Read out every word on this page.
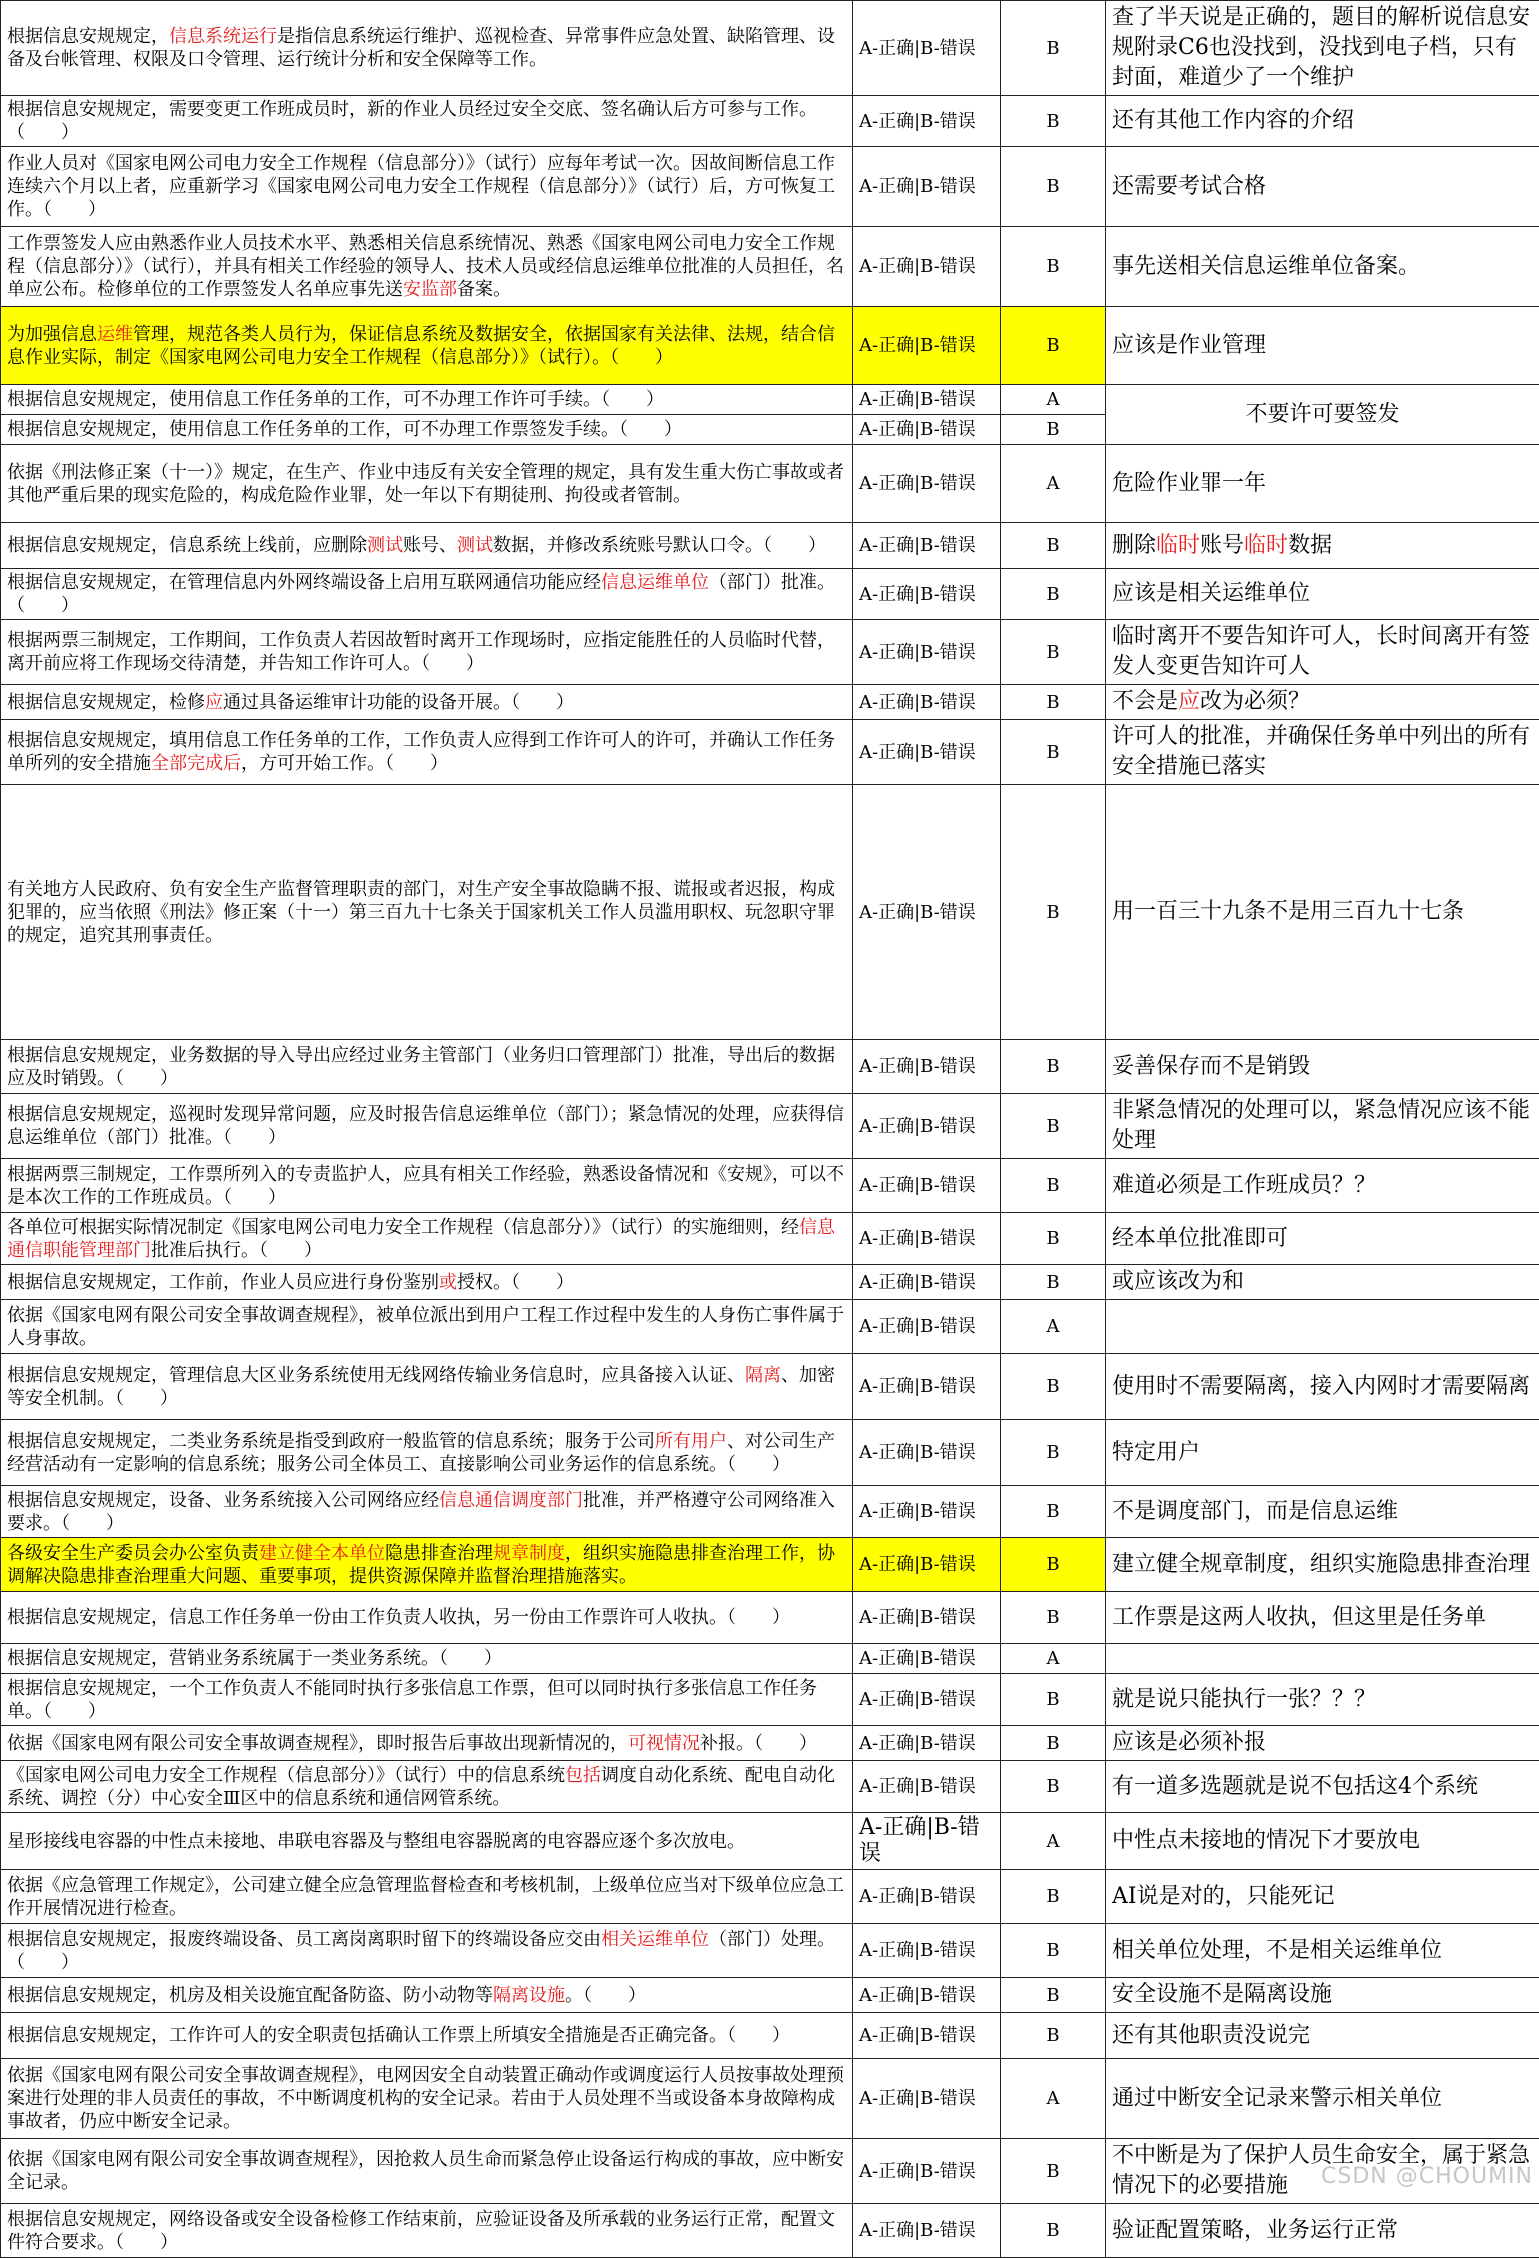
根据信息安规规定，信息系统运行是指信息系统运行维护、巡视检查、异常事件应急处置、缺陷管理、设备及台帐管理、权限及口令管理、运行统计分析和安全保障等工作。	A-正确|B-错误	B	查了半天说是正确的，题目的解析说信息安规附录C6也没找到，没找到电子档，只有封面，难道少了一个维护
根据信息安规规定，需要变更工作班成员时，新的作业人员经过安全交底、签名确认后方可参与工作。（　　）	A-正确|B-错误	B	还有其他工作内容的介绍
作业人员对《国家电网公司电力安全工作规程（信息部分）》（试行）应每年考试一次。因故间断信息工作连续六个月以上者，应重新学习《国家电网公司电力安全工作规程（信息部分）》（试行）后，方可恢复工作。（　　）	A-正确|B-错误	B	还需要考试合格
工作票签发人应由熟悉作业人员技术水平、熟悉相关信息系统情况、熟悉《国家电网公司电力安全工作规程（信息部分）》（试行），并具有相关工作经验的领导人、技术人员或经信息运维单位批准的人员担任，名单应公布。检修单位的工作票签发人名单应事先送安监部备案。	A-正确|B-错误	B	事先送相关信息运维单位备案。
为加强信息运维管理，规范各类人员行为，保证信息系统及数据安全，依据国家有关法律、法规，结合信息作业实际，制定《国家电网公司电力安全工作规程（信息部分）》（试行）。（　　）	A-正确|B-错误	B	应该是作业管理
根据信息安规规定，使用信息工作任务单的工作，可不办理工作许可手续。（　　）	A-正确|B-错误	A	不要许可要签发
根据信息安规规定，使用信息工作任务单的工作，可不办理工作票签发手续。（　　）	A-正确|B-错误	B	
依据《刑法修正案（十一）》规定，在生产、作业中违反有关安全管理的规定，具有发生重大伤亡事故或者其他严重后果的现实危险的，构成危险作业罪，处一年以下有期徒刑、拘役或者管制。	A-正确|B-错误	A	危险作业罪一年
根据信息安规规定，信息系统上线前，应删除测试账号、测试数据，并修改系统账号默认口令。（　　）	A-正确|B-错误	B	删除临时账号临时数据
根据信息安规规定，在管理信息内外网终端设备上启用互联网通信功能应经信息运维单位（部门）批准。（　　）	A-正确|B-错误	B	应该是相关运维单位
根据两票三制规定，工作期间，工作负责人若因故暂时离开工作现场时，应指定能胜任的人员临时代替，离开前应将工作现场交待清楚，并告知工作许可人。（　　）	A-正确|B-错误	B	临时离开不要告知许可人，长时间离开有签发人变更告知许可人
根据信息安规规定，检修应通过具备运维审计功能的设备开展。（　　）	A-正确|B-错误	B	不会是应改为必须？
根据信息安规规定，填用信息工作任务单的工作，工作负责人应得到工作许可人的许可，并确认工作任务单所列的安全措施全部完成后，方可开始工作。（　　）	A-正确|B-错误	B	许可人的批准，并确保任务单中列出的所有安全措施已落实
有关地方人民政府、负有安全生产监督管理职责的部门，对生产安全事故隐瞒不报、谎报或者迟报，构成犯罪的，应当依照《刑法》修正案（十一）第三百九十七条关于国家机关工作人员滥用职权、玩忽职守罪的规定，追究其刑事责任。	A-正确|B-错误	B	用一百三十九条不是用三百九十七条
根据信息安规规定，业务数据的导入导出应经过业务主管部门（业务归口管理部门）批准，导出后的数据应及时销毁。（　　）	A-正确|B-错误	B	妥善保存而不是销毁
根据信息安规规定，巡视时发现异常问题，应及时报告信息运维单位（部门）；紧急情况的处理，应获得信息运维单位（部门）批准。（　　）	A-正确|B-错误	B	非紧急情况的处理可以，紧急情况应该不能处理
根据两票三制规定，工作票所列入的专责监护人，应具有相关工作经验，熟悉设备情况和《安规》，可以不是本次工作的工作班成员。（　　）	A-正确|B-错误	B	难道必须是工作班成员？？
各单位可根据实际情况制定《国家电网公司电力安全工作规程（信息部分）》（试行）的实施细则，经信息通信职能管理部门批准后执行。（　　）	A-正确|B-错误	B	经本单位批准即可
根据信息安规规定，工作前，作业人员应进行身份鉴别或授权。（　　）	A-正确|B-错误	B	或应该改为和
依据《国家电网有限公司安全事故调查规程》，被单位派出到用户工程工作过程中发生的人身伤亡事件属于人身事故。	A-正确|B-错误	A	
根据信息安规规定，管理信息大区业务系统使用无线网络传输业务信息时，应具备接入认证、隔离、加密等安全机制。（　　）	A-正确|B-错误	B	使用时不需要隔离，接入内网时才需要隔离
根据信息安规规定，二类业务系统是指受到政府一般监管的信息系统；服务于公司所有用户、对公司生产经营活动有一定影响的信息系统；服务公司全体员工、直接影响公司业务运作的信息系统。（　　）	A-正确|B-错误	B	特定用户
根据信息安规规定，设备、业务系统接入公司网络应经信息通信调度部门批准，并严格遵守公司网络准入要求。（　　）	A-正确|B-错误	B	不是调度部门，而是信息运维
各级安全生产委员会办公室负责建立健全本单位隐患排查治理规章制度，组织实施隐患排查治理工作，协调解决隐患排查治理重大问题、重要事项，提供资源保障并监督治理措施落实。	A-正确|B-错误	B	建立健全规章制度，组织实施隐患排查治理
根据信息安规规定，信息工作任务单一份由工作负责人收执，另一份由工作票许可人收执。（　　）	A-正确|B-错误	B	工作票是这两人收执，但这里是任务单
根据信息安规规定，营销业务系统属于一类业务系统。（　　）	A-正确|B-错误	A	
根据信息安规规定，一个工作负责人不能同时执行多张信息工作票，但可以同时执行多张信息工作任务单。（　　）	A-正确|B-错误	B	就是说只能执行一张？？？
依据《国家电网有限公司安全事故调查规程》，即时报告后事故出现新情况的，可视情况补报。（　　）	A-正确|B-错误	B	应该是必须补报
《国家电网公司电力安全工作规程（信息部分）》（试行）中的信息系统包括调度自动化系统、配电自动化系统、调控（分）中心安全Ⅲ区中的信息系统和通信网管系统。	A-正确|B-错误	B	有一道多选题就是说不包括这4个系统
星形接线电容器的中性点未接地、串联电容器及与整组电容器脱离的电容器应逐个多次放电。	A-正确|B-错误	A	中性点未接地的情况下才要放电
依据《应急管理工作规定》，公司建立健全应急管理监督检查和考核机制，上级单位应当对下级单位应急工作开展情况进行检查。	A-正确|B-错误	B	AI说是对的，只能死记
根据信息安规规定，报废终端设备、员工离岗离职时留下的终端设备应交由相关运维单位（部门）处理。（　　）	A-正确|B-错误	B	相关单位处理，不是相关运维单位
根据信息安规规定，机房及相关设施宜配备防盗、防小动物等隔离设施。（　　）	A-正确|B-错误	B	安全设施不是隔离设施
根据信息安规规定，工作许可人的安全职责包括确认工作票上所填安全措施是否正确完备。（　　）	A-正确|B-错误	B	还有其他职责没说完
依据《国家电网有限公司安全事故调查规程》，电网因安全自动装置正确动作或调度运行人员按事故处理预案进行处理的非人员责任的事故，不中断调度机构的安全记录。若由于人员处理不当或设备本身故障构成事故者，仍应中断安全记录。	A-正确|B-错误	A	通过中断安全记录来警示相关单位
依据《国家电网有限公司安全事故调查规程》，因抢救人员生命而紧急停止设备运行构成的事故，应中断安全记录。	A-正确|B-错误	B	不中断是为了保护人员生命安全，属于紧急情况下的必要措施
根据信息安规规定，网络设备或安全设备检修工作结束前，应验证设备及所承载的业务运行正常，配置文件符合要求。（　　）	A-正确|B-错误	B	验证配置策略，业务运行正常
CSDN @CHOUMIN
